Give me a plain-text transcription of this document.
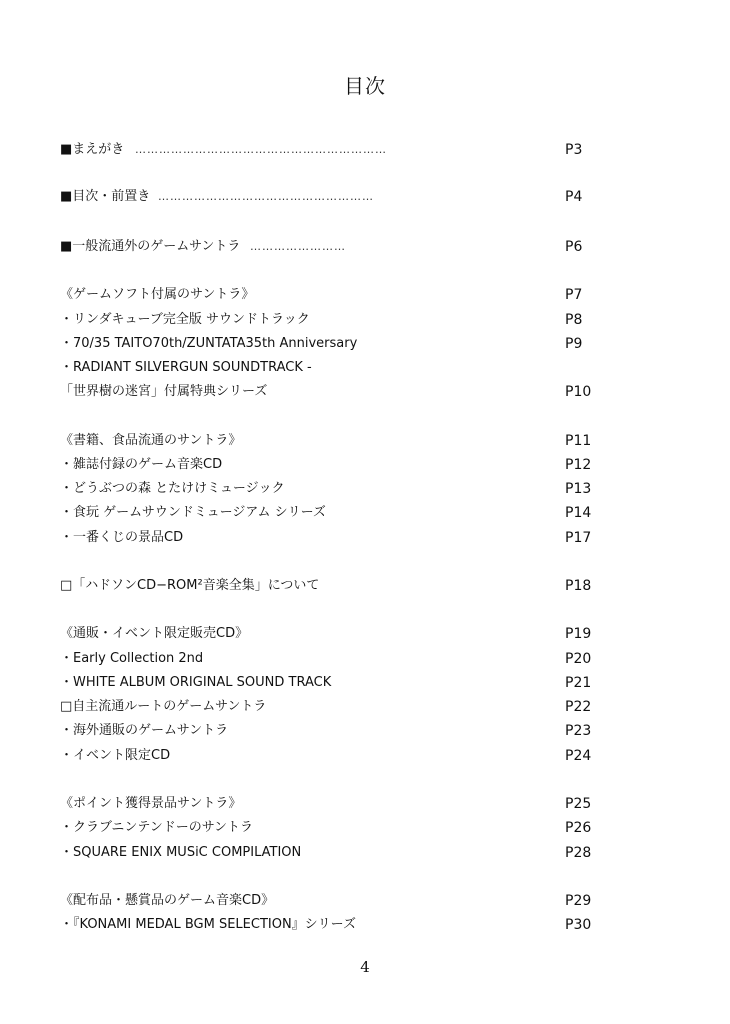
目次
■まえがき ………………………………………………………	P3
■目次・前置き ………………………………………………	P4
■一般流通外のゲームサントラ ……………………	P6
《ゲームソフト付属のサントラ》	P7
・リンダキューブ完全版 サウンドトラック	P8
・70/35 TAITO70th/ZUNTATA35th Anniversary	P9
・RADIANT SILVERGUN SOUNDTRACK -
「世界樹の迷宮」付属特典シリーズ	P10
《書籍、食品流通のサントラ》	P11
・雑誌付録のゲーム音楽CD	P12
・どうぶつの森 とたけけミュージック	P13
・食玩 ゲームサウンドミュージアム シリーズ	P14
・一番くじの景品CD	P17
□「ハドソンCD−ROM²音楽全集」について	P18
《通販・イベント限定販売CD》	P19
・Early Collection 2nd	P20
・WHITE ALBUM ORIGINAL SOUND TRACK	P21
□自主流通ルートのゲームサントラ	P22
・海外通販のゲームサントラ	P23
・イベント限定CD	P24
《ポイント獲得景品サントラ》	P25
・クラブニンテンドーのサントラ	P26
・SQUARE ENIX MUSiC COMPILATION	P28
《配布品・懸賞品のゲーム音楽CD》	P29
・『KONAMI MEDAL BGM SELECTION』シリーズ	P30
4
